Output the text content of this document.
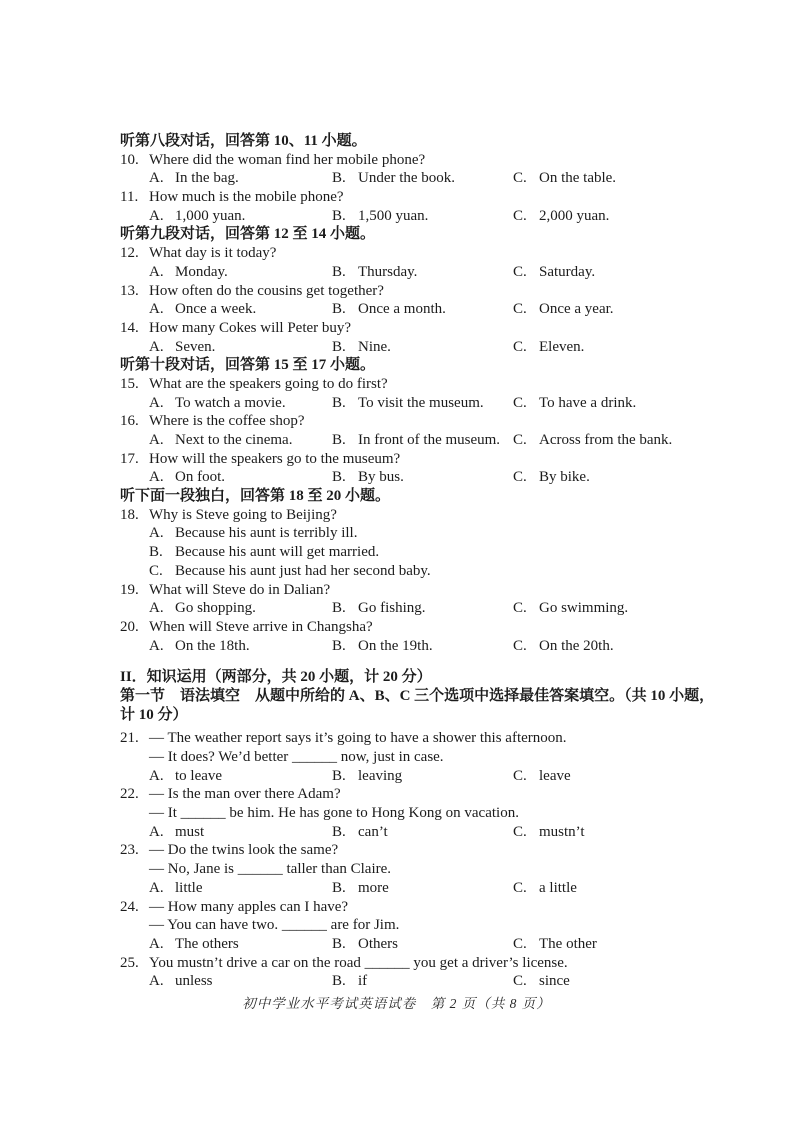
听第八段对话，回答第 10、11 小题。
10. Where did the woman find her mobile phone?
A. In the bag.	B. Under the book.	C. On the table.
11. How much is the mobile phone?
A. 1,000 yuan.	B. 1,500 yuan.	C. 2,000 yuan.
听第九段对话，回答第 12 至 14 小题。
12. What day is it today?
A. Monday.	B. Thursday.	C. Saturday.
13. How often do the cousins get together?
A. Once a week.	B. Once a month.	C. Once a year.
14. How many Cokes will Peter buy?
A. Seven.	B. Nine.	C. Eleven.
听第十段对话，回答第 15 至 17 小题。
15. What are the speakers going to do first?
A. To watch a movie.	B. To visit the museum. C. To have a drink.
16. Where is the coffee shop?
A. Next to the cinema.	B. In front of the museum. C. Across from the bank.
17. How will the speakers go to the museum?
A. On foot.	B. By bus.	C. By bike.
听下面一段独白，回答第 18 至 20 小题。
18. Why is Steve going to Beijing?
A. Because his aunt is terribly ill.
B. Because his aunt will get married.
C. Because his aunt just had her second baby.
19. What will Steve do in Dalian?
A. Go shopping.	B. Go fishing.	C. Go swimming.
20. When will Steve arrive in Changsha?
A. On the 18th.	B. On the 19th.	C. On the 20th.
II．知识运用（两部分，共 20 小题，计 20 分）
第一节　语法填空　从题中所给的 A、B、C 三个选项中选择最佳答案填空。（共 10 小题，
计 10 分）
21. — The weather report says it’s going to have a shower this afternoon.
— It does? We’d better ______ now, just in case.
A. to leave	B. leaving	C. leave
22. — Is the man over there Adam?
— It ______ be him. He has gone to Hong Kong on vacation.
A. must	B. can’t	C. mustn’t
23. — Do the twins look the same?
— No, Jane is ______ taller than Claire.
A. little	B. more	C. a little
24. — How many apples can I have?
— You can have two. ______ are for Jim.
A. The others	B. Others	C. The other
25. You mustn’t drive a car on the road ______ you get a driver’s license.
A. unless	B. if	C. since
初中学业水平考试英语试卷　第 2 页（共 8 页）
